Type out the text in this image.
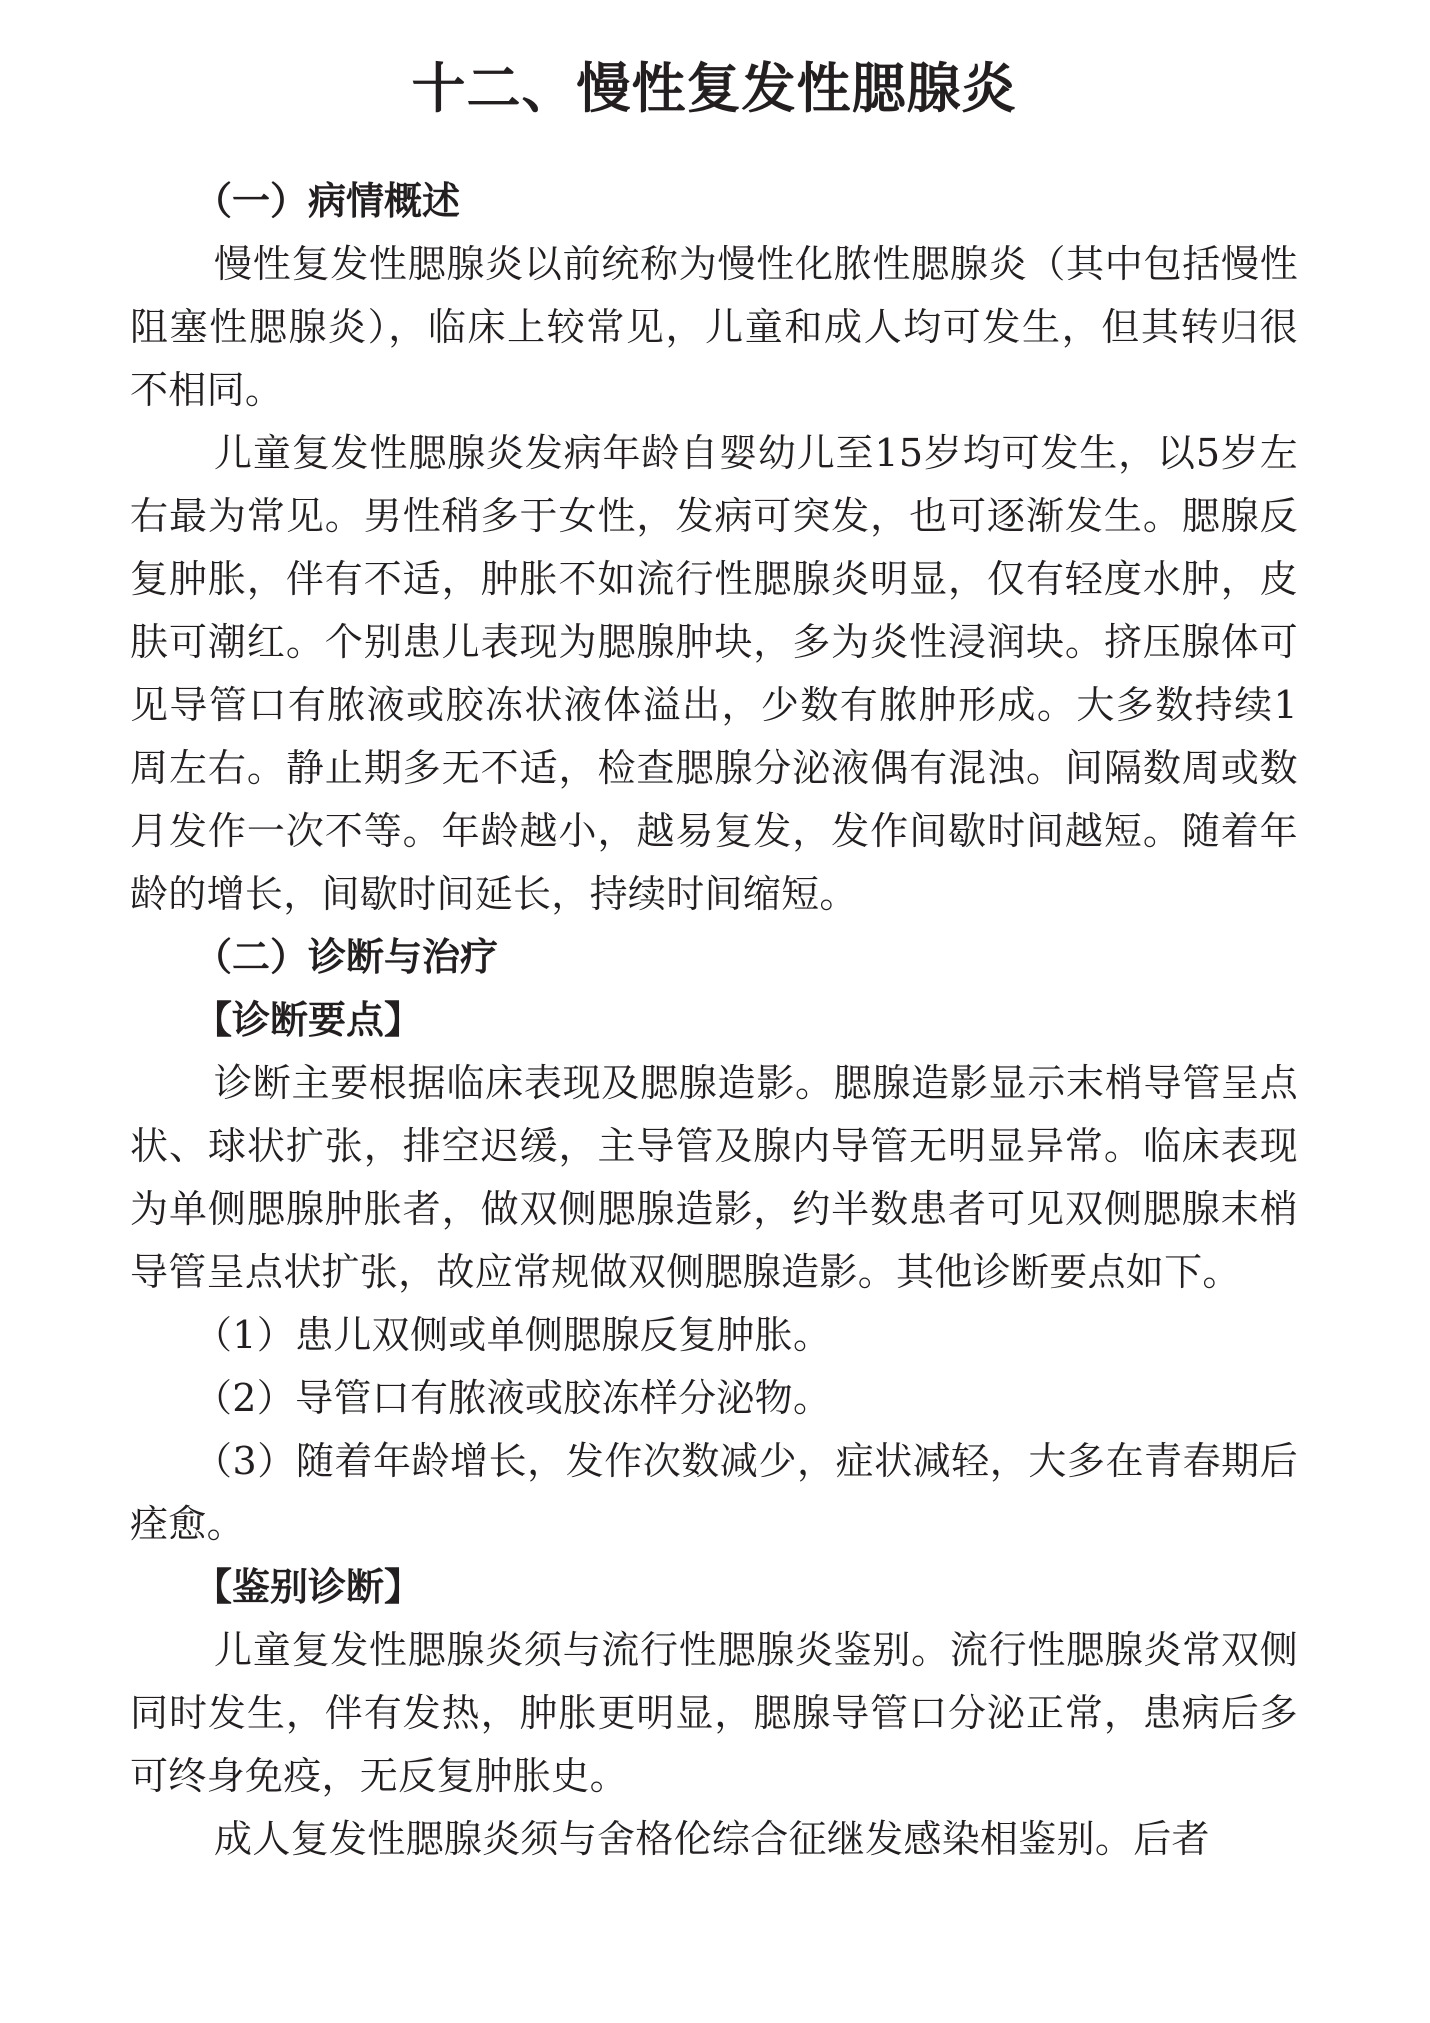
十二、慢性复发性腮腺炎

（一）病情概述

慢性复发性腮腺炎以前统称为慢性化脓性腮腺炎（其中包括慢性阻塞性腮腺炎），临床上较常见，儿童和成人均可发生，但其转归很不相同。

儿童复发性腮腺炎发病年龄自婴幼儿至15岁均可发生，以5岁左右最为常见。男性稍多于女性，发病可突发，也可逐渐发生。腮腺反复肿胀，伴有不适，肿胀不如流行性腮腺炎明显，仅有轻度水肿，皮肤可潮红。个别患儿表现为腮腺肿块，多为炎性浸润块。挤压腺体可见导管口有脓液或胶冻状液体溢出，少数有脓肿形成。大多数持续1周左右。静止期多无不适，检查腮腺分泌液偶有混浊。间隔数周或数月发作一次不等。年龄越小，越易复发，发作间歇时间越短。随着年龄的增长，间歇时间延长，持续时间缩短。

（二）诊断与治疗

【诊断要点】

诊断主要根据临床表现及腮腺造影。腮腺造影显示末梢导管呈点状、球状扩张，排空迟缓，主导管及腺内导管无明显异常。临床表现为单侧腮腺肿胀者，做双侧腮腺造影，约半数患者可见双侧腮腺末梢导管呈点状扩张，故应常规做双侧腮腺造影。其他诊断要点如下。

（1）患儿双侧或单侧腮腺反复肿胀。

（2）导管口有脓液或胶冻样分泌物。

（3）随着年龄增长，发作次数减少，症状减轻，大多在青春期后痊愈。

【鉴别诊断】

儿童复发性腮腺炎须与流行性腮腺炎鉴别。流行性腮腺炎常双侧同时发生，伴有发热，肿胀更明显，腮腺导管口分泌正常，患病后多可终身免疫，无反复肿胀史。

成人复发性腮腺炎须与舍格伦综合征继发感染相鉴别。后者
